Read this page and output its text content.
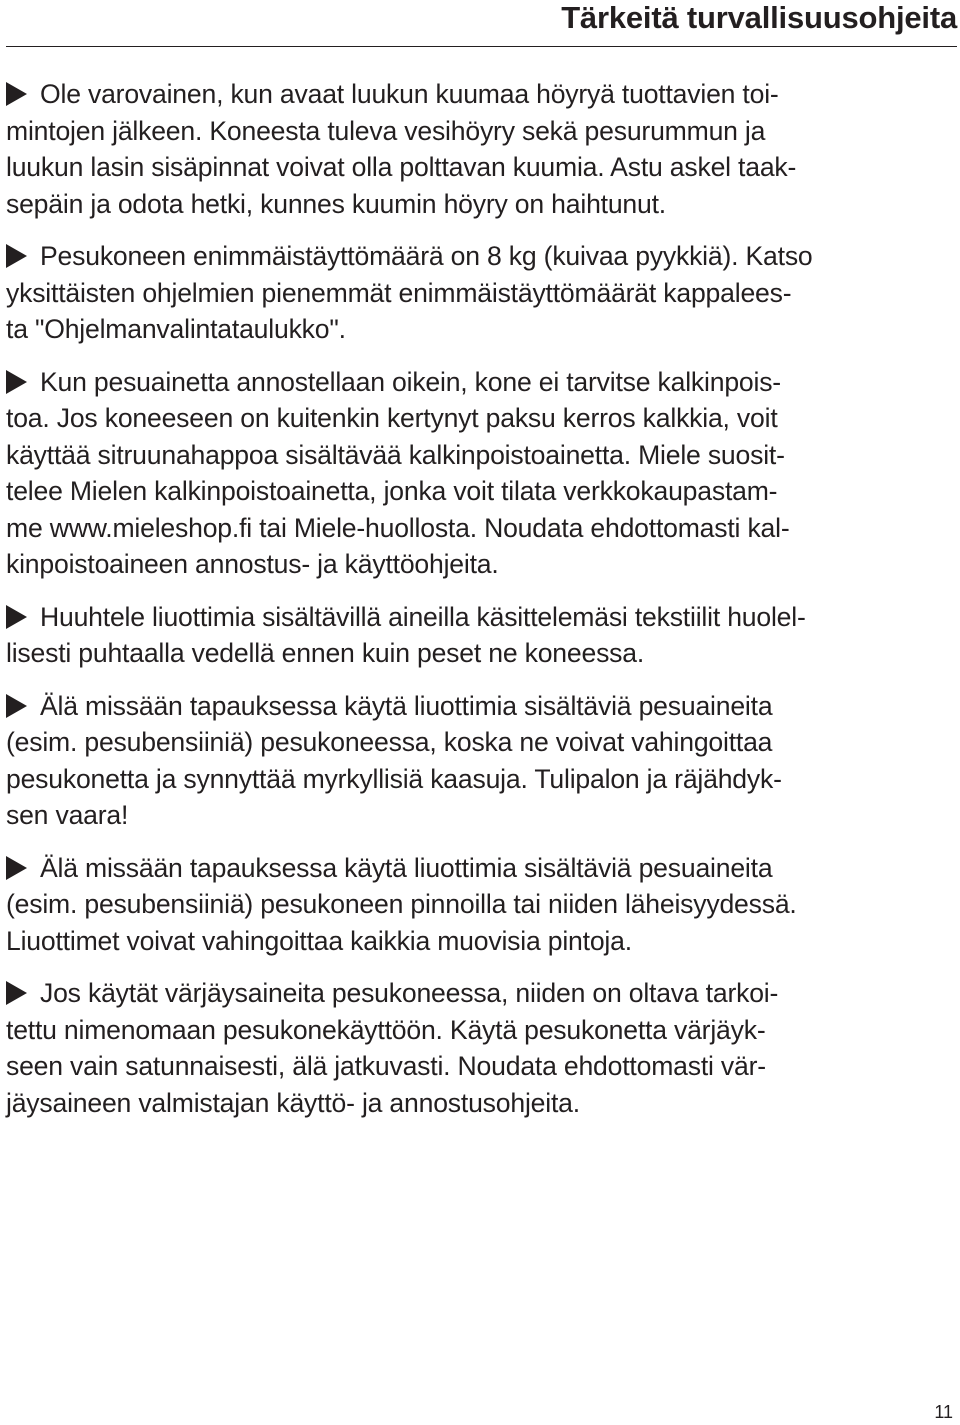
Tärkeitä turvallisuusohjeita

Ole varovainen, kun avaat luukun kuumaa höyryä tuottavien toi-
mintojen jälkeen. Koneesta tuleva vesihöyry sekä pesurummun ja
luukun lasin sisäpinnat voivat olla polttavan kuumia. Astu askel taak-
sepäin ja odota hetki, kunnes kuumin höyry on haihtunut.

Pesukoneen enimmäistäyttömäärä on 8 kg (kuivaa pyykkiä). Katso
yksittäisten ohjelmien pienemmät enimmäistäyttömäärät kappalees-
ta "Ohjelmanvalintataulukko".

Kun pesuainetta annostellaan oikein, kone ei tarvitse kalkinpois-
toa. Jos koneeseen on kuitenkin kertynyt paksu kerros kalkkia, voit
käyttää sitruunahappoa sisältävää kalkinpoistoainetta. Miele suosit-
telee Mielen kalkinpoistoainetta, jonka voit tilata verkkokaupastam-
me www.mieleshop.fi tai Miele-huollosta. Noudata ehdottomasti kal-
kinpoistoaineen annostus- ja käyttöohjeita.

Huuhtele liuottimia sisältävillä aineilla käsittelemäsi tekstiilit huolel-
lisesti puhtaalla vedellä ennen kuin peset ne koneessa.

Älä missään tapauksessa käytä liuottimia sisältäviä pesuaineita
(esim. pesubensiiniä) pesukoneessa, koska ne voivat vahingoittaa
pesukonetta ja synnyttää myrkyllisiä kaasuja. Tulipalon ja räjähdyk-
sen vaara!

Älä missään tapauksessa käytä liuottimia sisältäviä pesuaineita
(esim. pesubensiiniä) pesukoneen pinnoilla tai niiden läheisyydessä.
Liuottimet voivat vahingoittaa kaikkia muovisia pintoja.

Jos käytät värjäysaineita pesukoneessa, niiden on oltava tarkoi-
tettu nimenomaan pesukonekäyttöön. Käytä pesukonetta värjäyk-
seen vain satunnaisesti, älä jatkuvasti. Noudata ehdottomasti vär-
jäysaineen valmistajan käyttö- ja annostusohjeita.

11
